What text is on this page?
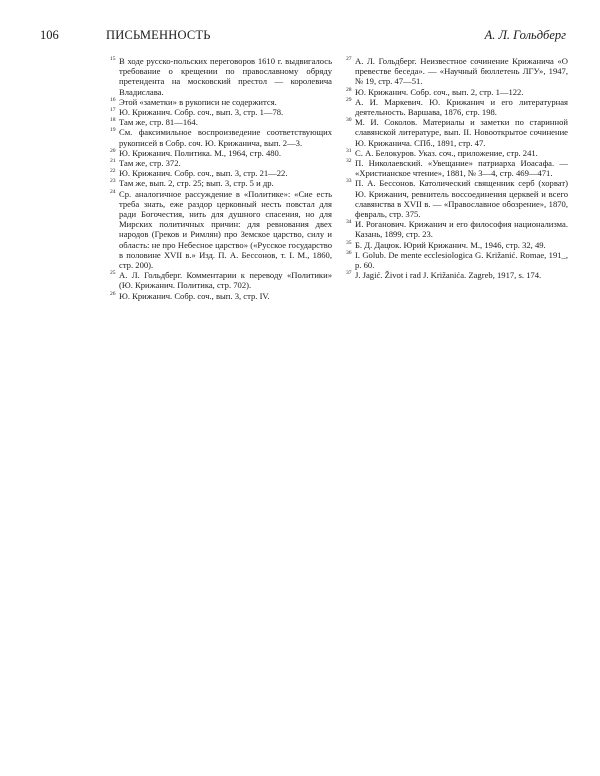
106	ПИСЬМЕННОСТЬ	А. Л. Гольдберг
15 В ходе русско-польских переговоров 1610 г. выдвигалось требование о крещении по православному обряду претендента на московский престол — королевича Владислава.
16 Этой «заметки» в рукописи не содержится.
17 Ю. Крижанич. Собр. соч., вып. 3, стр. 1—78.
18 Там же, стр. 81—164.
19 См. факсимильное воспроизведение соответствующих рукописей в Собр. соч. Ю. Крижанича, вып. 2—3.
20 Ю. Крижанич. Политика. М., 1964, стр. 480.
21 Там же, стр. 372.
22 Ю. Крижанич. Собр. соч., вып. 3, стр. 21—22.
23 Там же, вып. 2, стр. 25; вып. 3, стр. 5 и др.
24 Ср. аналогичное рассуждение в «Политике»: «Сие есть треба знать, еже раздор церковный несть повстал для ради Богочестия, нить для душного спасения, но для Мирских политичных причин: для ревнования двех народов (Греков и Римлян) про Земское царство, силу и область: не про Небесное царство» («Русское государство в половине XVII в.» Изд. П. А. Бессонов, т. I. М., 1860, стр. 200).
25 А. Л. Гольдберг. Комментарии к переводу «Политики» (Ю. Крижанич. Политика, стр. 702).
26 Ю. Крижанич. Собр. соч., вып. 3, стр. IV.
27 А. Л. Гольдберг. Неизвестное сочинение Крижанича «О превестве беседа». — «Научный бюллетень ЛГУ», 1947, № 19, стр. 47—51.
28 Ю. Крижанич. Собр. соч., вып. 2, стр. 1—122.
29 А. И. Маркевич. Ю. Крижанич и его литературная деятельность. Варшава, 1876, стр. 198.
30 М. И. Соколов. Материалы и заметки по старинной славянской литературе, вып. II. Новооткрытое сочинение Ю. Крижанича. СПб., 1891, стр. 47.
31 С. А. Белокуров. Указ. соч., приложение, стр. 241.
32 П. Николаевский. «Увещание» патриарха Иоасафа. — «Христианское чтение», 1881, № 3—4, стр. 469—471.
33 П. А. Бессонов. Католический священник серб (хорват) Ю. Крижанич, ревнитель воссоединения церквей и всего славянства в XVII в. — «Православное обозрение», 1870, февраль, стр. 375.
34 И. Роганович. Крижанич и его философия национализма. Казань, 1899, стр. 23.
35 Б. Д. Дацюк. Юрий Крижанич. М., 1946, стр. 32, 49.
36 I. Golub. De mente ecclesiologica G. Križanić. Romae, 191_, p. 60.
37 J. Jagić. Život i rad J. Križanića. Zagreb, 1917, s. 174.
